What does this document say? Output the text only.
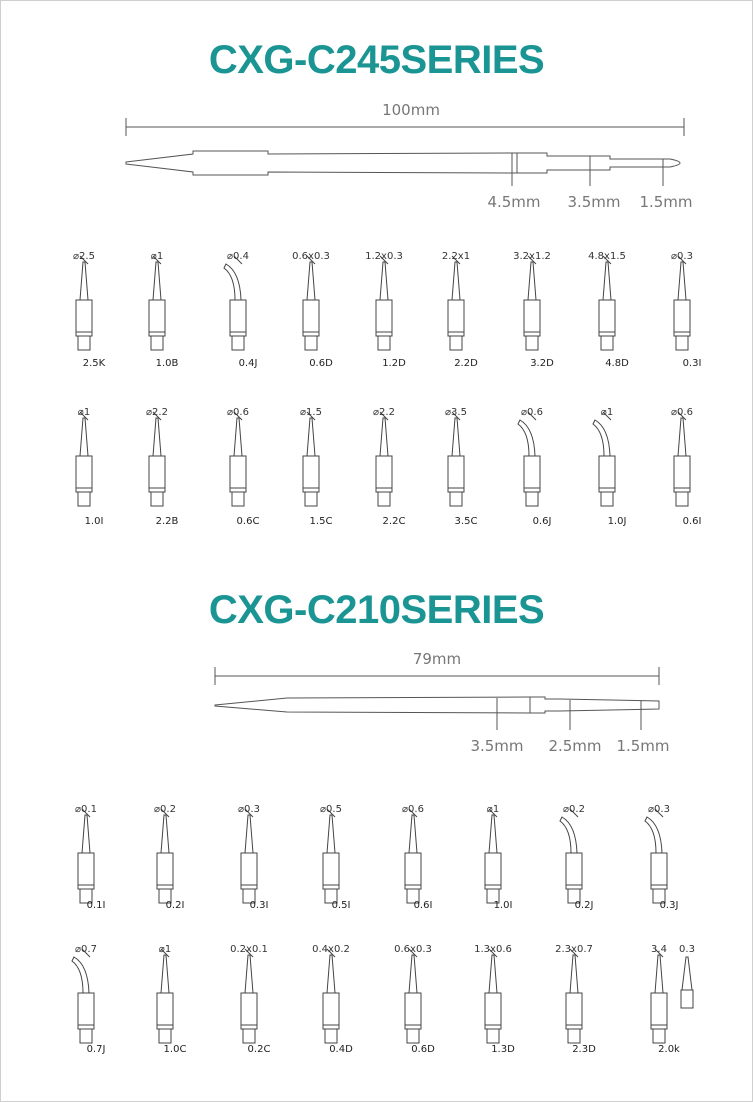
CXG-C245SERIES
CXG-C210SERIES
100mm
4.5mm 3.5mm 1.5mm
79mm
3.5mm 2.5mm 1.5mm
⌀2.5
2.5K
⌀1
1.0B
⌀0.4
0.4J
0.6x0.3
0.6D
1.2x0.3
1.2D
2.2x1
2.2D
3.2x1.2
3.2D
4.8x1.5
4.8D
⌀0.3
0.3I
⌀1
1.0I
⌀2.2
2.2B
⌀0.6
0.6C
⌀1.5
1.5C
⌀2.2
2.2C
⌀3.5
3.5C
⌀0.6
0.6J
⌀1
1.0J
⌀0.6
0.6I
⌀0.1
0.1I
⌀0.2
0.2I
⌀0.3
0.3I
⌀0.5
0.5I
⌀0.6
0.6I
⌀1
1.0I
⌀0.2
0.2J
⌀0.3
0.3J
⌀0.7
0.7J
⌀1
1.0C
0.2x0.1
0.2C
0.4x0.2
0.4D
0.6x0.3
0.6D
1.3x0.6
1.3D
2.3x0.7
2.3D
3.4
2.0k
0.3
